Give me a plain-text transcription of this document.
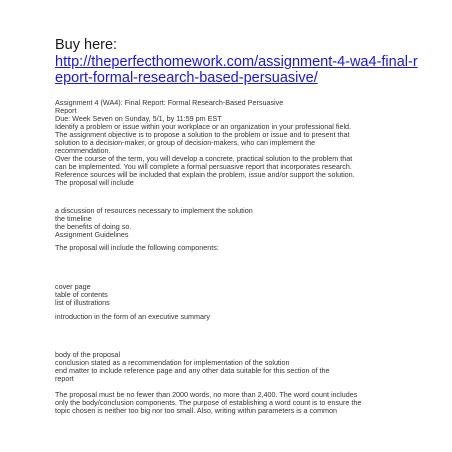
Buy here:
http://theperfecthomework.com/assignment-4-wa4-final-r
eport-formal-research-based-persuasive/
Assignment 4 (WA4): Final Report: Formal Research-Based Persuasive
Report
Due: Week Seven on Sunday, 5/1, by 11:59 pm EST
Identify a problem or issue within your workplace or an organization in your professional field.
The assignment objective is to propose a solution to the problem or issue and to present that
solution to a decision-maker, or group of decision-makers, who can implement the
recommendation.
Over the course of the term, you will develop a concrete, practical solution to the problem that
can be implemented. You will complete a formal persuasive report that incorporates research.
Reference sources will be included that explain the problem, issue and/or support the solution.
The proposal will include
a discussion of resources necessary to implement the solution
the timeline
the benefits of doing so.
Assignment Guidelines
The proposal will include the following components:
cover page
table of contents
list of illustrations
introduction in the form of an executive summary
body of the proposal
conclusion stated as a recommendation for implementation of the solution
end matter to include reference page and any other data suitable for this section of the
report
The proposal must be no fewer than 2000 words, no more than 2,400. The word count includes
only the body/conclusion components. The purpose of establishing a word count is to ensure the
topic chosen is neither too big nor too small. Also, writing within parameters is a common
